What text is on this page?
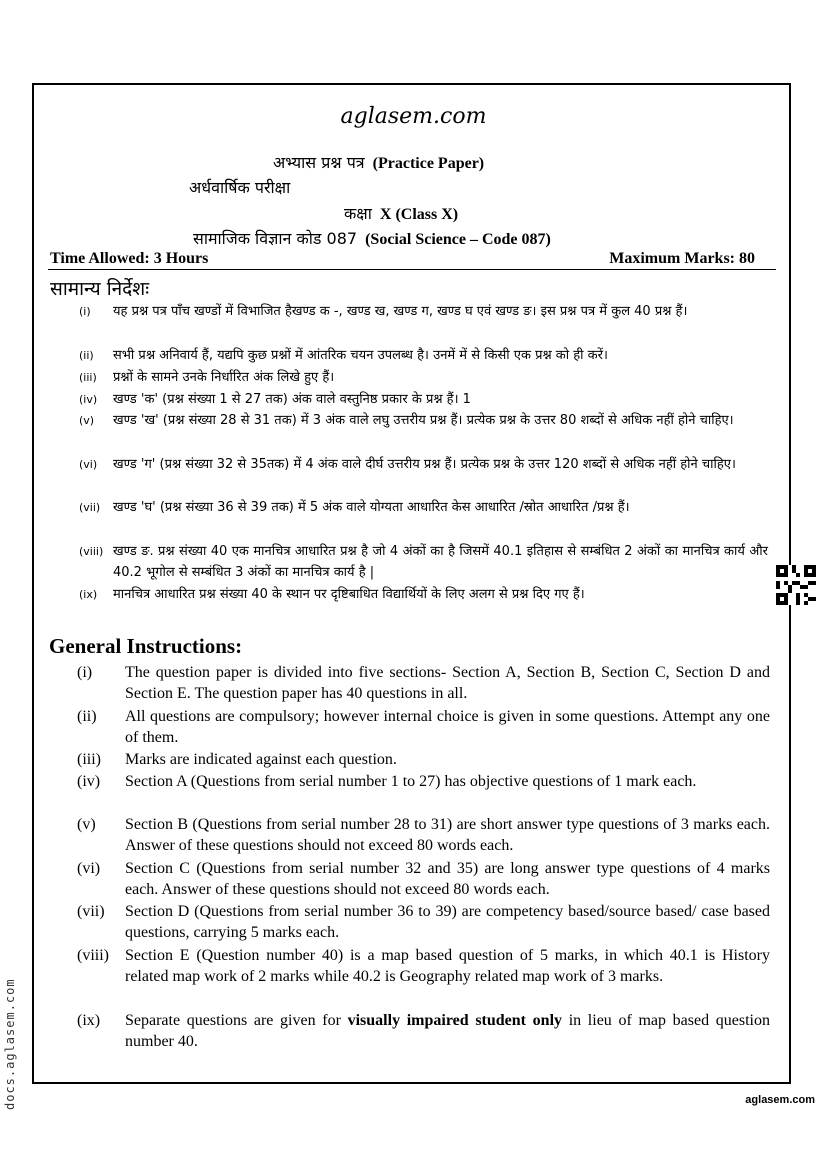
aglasem.com
अभ्यास प्रश्न पत्र (Practice Paper)
अर्धवार्षिक परीक्षा
कक्षा X (Class X)
सामाजिक विज्ञान कोड 087 (Social Science – Code 087)
Time Allowed: 3 Hours	Maximum Marks: 80
सामान्य निर्देशः
(i)	यह प्रश्न पत्र पाँच खण्डों में विभाजित हैखण्ड क -, खण्ड ख, खण्ड ग, खण्ड घ एवं खण्ड ङ। इस प्रश्न पत्र में कुल 40 प्रश्न हैं।
(ii)	सभी प्रश्न अनिवार्य हैं, यद्यपि कुछ प्रश्नों में आंतरिक चयन उपलब्ध है। उनमें में से किसी एक प्रश्न को ही करें।
(iii)	प्रश्नों के सामने उनके निर्धारित अंक लिखे हुए हैं।
(iv)	खण्ड 'क' (प्रश्न संख्या 1 से 27 तक) अंक वाले वस्तुनिष्ठ प्रकार के प्रश्न हैं। 1
(v)	खण्ड 'ख' (प्रश्न संख्या 28 से 31 तक) में 3 अंक वाले लघु उत्तरीय प्रश्न हैं। प्रत्येक प्रश्न के उत्तर 80 शब्दों से अधिक नहीं होने चाहिए।
(vi)	खण्ड 'ग' (प्रश्न संख्या 32 से 35तक) में 4 अंक वाले दीर्घ उत्तरीय प्रश्न हैं। प्रत्येक प्रश्न के उत्तर 120 शब्दों से अधिक नहीं होने चाहिए।
(vii) खण्ड 'घ' (प्रश्न संख्या 36 से 39 तक) में 5 अंक वाले योग्यता आधारित केस आधारित /स्रोत आधारित /प्रश्न हैं।
(viii) खण्ड ङ. प्रश्न संख्या 40 एक मानचित्र आधारित प्रश्न है जो 4 अंकों का है जिसमें 40.1 इतिहास से सम्बंधित 2 अंकों का मानचित्र कार्य और 40.2 भूगोल से सम्बंधित 3 अंकों का मानचित्र कार्य है |
(ix)	मानचित्र आधारित प्रश्न संख्या 40 के स्थान पर दृष्टिबाधित विद्यार्थियों के लिए अलग से प्रश्न दिए गए हैं।
General Instructions:
(i)	The question paper is divided into five sections- Section A, Section B, Section C, Section D and Section E. The question paper has 40 questions in all.
(ii)	All questions are compulsory; however internal choice is given in some questions. Attempt any one of them.
(iii)	Marks are indicated against each question.
(iv)	Section A (Questions from serial number 1 to 27) has objective questions of 1 mark each.
(v)	Section B (Questions from serial number 28 to 31) are short answer type questions of 3 marks each. Answer of these questions should not exceed 80 words each.
(vi)	Section C (Questions from serial number 32 and 35) are long answer type questions of 4 marks each. Answer of these questions should not exceed 80 words each.
(vii)	Section D (Questions from serial number 36 to 39) are competency based/source based/ case based questions, carrying 5 marks each.
(viii)	Section E (Question number 40) is a map based question of 5 marks, in which 40.1 is History related map work of 2 marks while 40.2 is Geography related map work of 3 marks.
(ix)	Separate questions are given for visually impaired student only in lieu of map based question number 40.
docs.aglasem.com	aglasem.com
